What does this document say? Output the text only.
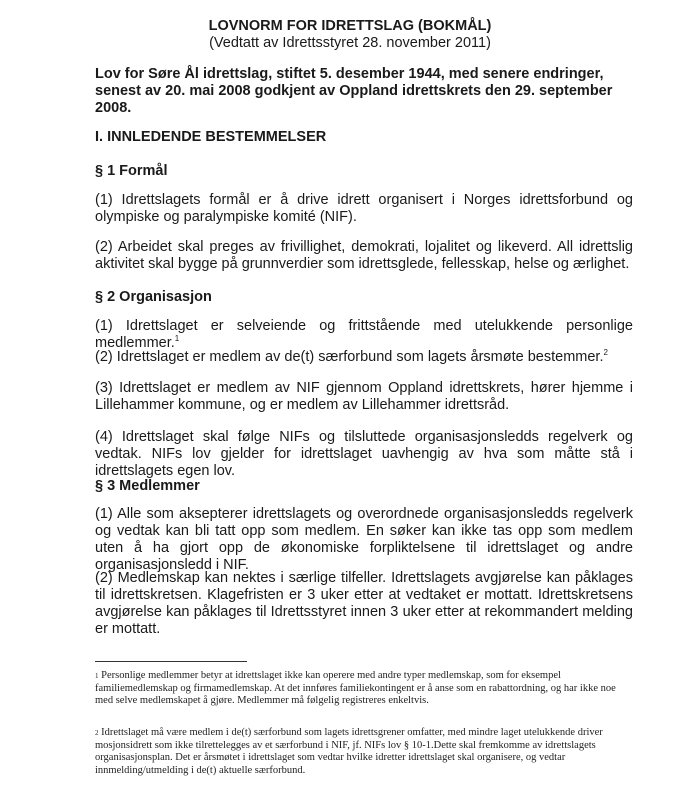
LOVNORM FOR IDRETTSLAG (BOKMÅL)
(Vedtatt av Idrettsstyret 28. november 2011)
Lov for Søre Ål idrettslag, stiftet 5. desember 1944, med senere endringer, senest av 20. mai 2008 godkjent av Oppland idrettskrets den 29. september 2008.
I. INNLEDENDE BESTEMMELSER
§ 1 Formål
(1) Idrettslagets formål er å drive idrett organisert i Norges idrettsforbund og olympiske og paralympiske komité (NIF).
(2) Arbeidet skal preges av frivillighet, demokrati, lojalitet og likeverd. All idrettslig aktivitet skal bygge på grunnverdier som idrettsglede, fellesskap, helse og ærlighet.
§ 2 Organisasjon
(1) Idrettslaget er selveiende og frittstående med utelukkende personlige medlemmer.$^1$
(2) Idrettslaget er medlem av de(t) særforbund som lagets årsmøte bestemmer.$^2$
(3) Idrettslaget er medlem av NIF gjennom Oppland idrettskrets, hører hjemme i Lillehammer kommune, og er medlem av Lillehammer idrettsråd.
(4) Idrettslaget skal følge NIFs og tilsluttede organisasjonsledds regelverk og vedtak. NIFs lov gjelder for idrettslaget uavhengig av hva som måtte stå i idrettslagets egen lov.
§ 3 Medlemmer
(1) Alle som aksepterer idrettslagets og overordnede organisasjonsledds regelverk og vedtak kan bli tatt opp som medlem. En søker kan ikke tas opp som medlem uten å ha gjort opp de økonomiske forpliktelsene til idrettslaget og andre organisasjonsledd i NIF.
(2) Medlemskap kan nektes i særlige tilfeller. Idrettslagets avgjørelse kan påklages til idrettskretsen. Klagefristen er 3 uker etter at vedtaket er mottatt. Idrettskretsens avgjørelse kan påklages til Idrettsstyret innen 3 uker etter at rekommandert melding er mottatt.
$^1$ Personlige medlemmer betyr at idrettslaget ikke kan operere med andre typer medlemskap, som for eksempel familiemedlemskap og firmamedlemskap. At det innføres familiekontingent er å anse som en rabattordning, og har ikke noe med selve medlemskapet å gjøre. Medlemmer må følgelig registreres enkeltvis.
$^2$ Idrettslaget må være medlem i de(t) særforbund som lagets idrettsgrener omfatter, med mindre laget utelukkende driver mosjonsidrett som ikke tilrettelegges av et særforbund i NIF, jf. NIFs lov § 10-1.Dette skal fremkomme av idrettslagets organisasjonsplan. Det er årsmøtet i idrettslaget som vedtar hvilke idretter idrettslaget skal organisere, og vedtar innmelding/utmelding i de(t) aktuelle særforbund.
